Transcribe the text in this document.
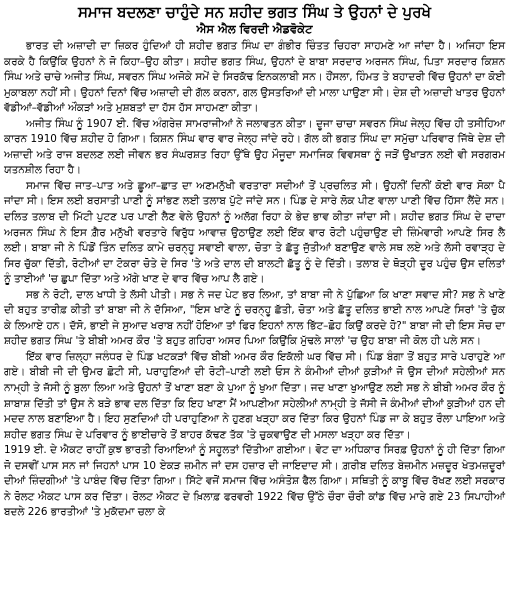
ਸਮਾਜ ਬਦਲਣਾ ਚਾਹੁੰਦੇ ਸਨ ਸ਼ਹੀਦ ਭਗਤ ਸਿੰਘ ਤੇ ਉਹਨਾਂ ਦੇ ਪੁਰਖੇ
ਐਸ ਐਲ ਵਿਰਦੀ ਐਡਵੋਕੇਟ

ਭਾਰਤ ਦੀ ਅਜ਼ਾਦੀ ਦਾ ਜ਼ਿਕਰ ਹੁੰਦਿਆਂ ਹੀ ਸ਼ਹੀਦ ਭਗਤ ਸਿੰਘ ਦਾ ਗੰਭੀਰ ਚਿੰਤਤ ਚਿਹਰਾ ਸਾਹਮਣੇ ਆ ਜਾਂਦਾ ਹੈ। ਅਜਿਹਾ ਇਸ ਕਰਕੇ ਹੈ ਕਿਉਂਕਿ ਉਹਨਾਂ ਨੇ ਜੋ ਕਿਹਾ–ਉਹ ਕੀਤਾ। ਸ਼ਹੀਦ ਭਗਤ ਸਿੰਘ, ਉਹਨਾਂ ਦੇ ਬਾਬਾ ਸਰਦਾਰ ਅਰਜਨ ਸਿੰਘ, ਪਿਤਾ ਸਰਦਾਰ ਕਿਸ਼ਨ ਸਿੰਘ ਅਤੇ ਚਾਚੇ ਅਜੀਤ ਸਿੰਘ, ਸਵਰਨ ਸਿੰਘ ਅਜੋਕੇ ਸਮੇਂ ਦੇ ਸਿਰਕੱਢ ਇਨਕਲਾਬੀ ਸਨ। ਹੌਂਸਲਾ, ਹਿੰਮਤ ਤੇ ਬਹਾਦਰੀ ਵਿੱਚ ਉਹਨਾਂ ਦਾ ਕੋਈ ਮੁਕਾਬਲਾ ਨਹੀਂ ਸੀ। ਉਹਨਾਂ ਦਿਨਾਂ ਵਿੱਚ ਅਜ਼ਾਦੀ ਦੀ ਗੱਲ ਕਰਨਾ, ਗਲ ਉਸਤਰਿਆਂ ਦੀ ਮਾਲਾ ਪਾਉਣਾ ਸੀ। ਦੇਸ਼ ਦੀ ਅਜ਼ਾਦੀ ਖਾਤਰ ਉਹਨਾਂ ਵੱਡੀਆਂ–ਵੱਡੀਆਂ ਔਕੜਾਂ ਅਤੇ ਮੁਸ਼ਬਤਾਂ ਦਾ ਹੱਸ ਹੱਸ ਸਾਹਮਣਾ ਕੀਤਾ।

ਅਜੀਤ ਸਿੰਘ ਨੂੰ 1907 ਈ. ਵਿੱਚ ਅੰਗਰੇਜ਼ ਸਾਮਰਾਜੀਆਂ ਨੇ ਜਲਾਵਤਨ ਕੀਤਾ। ਦੂਜਾ ਚਾਚਾ ਸਵਰਨ ਸਿੰਘ ਜੇਲ੍ਹ ਵਿੱਚ ਹੀ ਤਸੀਹਿਆ ਕਾਰਨ 1910 ਵਿੱਚ ਸ਼ਹੀਦ ਹੋ ਗਿਆ। ਕਿਸ਼ਨ ਸਿੰਘ ਵਾਰ ਵਾਰ ਜੇਲ੍ਹ ਜਾਂਦੇ ਰਹੇ। ਗੱਲ ਕੀ ਭਗਤ ਸਿੰਘ ਦਾ ਸਮੁੱਚਾ ਪਰਿਵਾਰ ਜਿੱਥੇ ਦੇਸ਼ ਦੀ ਅਜ਼ਾਦੀ ਅਤੇ ਰਾਜ ਬਦਲਣ ਲਈ ਜੀਵਨ ਭਰ ਸੰਘਰਸ਼ਤ ਰਿਹਾ ਉੱਥੇ ਉਹ ਮੌਜੂਦਾ ਸਮਾਜਿਕ ਵਿਵਸਥਾ ਨੂੰ ਜੜੋਂ ਉਖਾੜਨ ਲਈ ਵੀ ਸਰਗਰਮ ਯਤਨਸ਼ੀਲ ਰਿਹਾ ਹੈ।

ਸਮਾਜ ਵਿੱਚ ਜਾਤ–ਪਾਤ ਅਤੇ ਛੂਆ–ਛਾਤ ਦਾ ਅਣਮਨੁੱਖੀ ਵਰਤਾਰਾ ਸਦੀਆਂ ਤੋਂ ਪ੍ਰਚਲਿਤ ਸੀ। ਉਹਨੀਂ ਦਿਨੀਂ ਕੋਈ ਵਾਰ ਸੋਕਾ ਪੈ ਜਾਂਦਾ ਸੀ। ਇਸ ਲਈ ਬਰਸਾਤੀ ਪਾਣੀ ਨੂੰ ਸਾਂਭਣ ਲਈ ਤਲਾਬ ਪੁੱਟੇ ਜਾਂਦੇ ਸਨ। ਪਿੰਡ ਦੇ ਸਾਰੇ ਲੋਕ ਪੀਣ ਵਾਲਾ ਪਾਣੀ ਵਿੱਚ ਹਿੱਸਾ ਲੈਂਦੇ ਸਨ। ਦਲਿਤ ਤਲਾਬ ਦੀ ਮਿੱਟੀ ਪੁਟਣ ਪਰ ਪਾਣੀ ਲੈਣ ਵੇਲੇ ਉਹਨਾਂ ਨੂੰ ਅਲੱਗ ਰਿਹਾ ਕੇ ਭੇਦ ਭਾਵ ਕੀਤਾ ਜਾਂਦਾ ਸੀ। ਸ਼ਹੀਦ ਭਗਤ ਸਿੰਘ ਦੇ ਦਾਦਾ ਅਰਜਨ ਸਿੰਘ ਨੇ ਇਸ ਗ਼ੈਰ ਮਨੁੱਖੀ ਵਰਤਾਰੇ ਵਿਰੁੱਧ ਆਵਾਜ਼ ਉਠਾਉਣ ਲਈ ਇੱਕ ਵਾਰ ਰੋਟੀ ਪਹੁੰਚਾਉਣ ਦੀ ਜ਼ਿੰਮੇਵਾਰੀ ਆਪਣੇ ਸਿਰ ਲੈ ਲਈ। ਬਾਬਾ ਜੀ ਨੇ ਪਿੰਡੋਂ ਤਿੰਨ ਦਲਿਤ ਕਾਮੇ ਚਰਨ੍ਹੂ ਸਵਾਈ ਵਾਲਾ, ਚੋਤਾ ਤੇ ਛੱਤੂ ਜੁੱਤੀਆਂ ਬਣਾਉਣ ਵਾਲੇ ਸਥ ਲਏ ਅਤੇ ਲੱਸੀ ਰਵਾੜ੍ਹ ਦੇ ਸਿਰ ਚੁੱਕਾ ਦਿੱਤੀ, ਰੋਟੀਆਂ ਦਾ ਟੋਕਰਾ ਚੋਤੇ ਦੇ ਸਿਰ 'ਤੇ ਅਤੇ ਦਾਲ ਦੀ ਬਾਲਟੀ ਛੱਤੂ ਨੂੰ ਦੇ ਦਿੱਤੀ। ਤਲਾਬ ਦੇ ਥੋੜ੍ਹੀ ਦੂਰ ਪਹੁੰਚ ਉਸ ਦਲਿਤਾਂ ਨੂੰ ਤਾਈਆਂ 'ਚ ਛੁਪਾ ਦਿੱਤਾ ਅਤੇ ਅੱਗੇ ਖਾਣ ਦੇ ਵਾਰ ਵਿੱਚ ਆਪ ਲੈ ਗਏ।

ਸਭ ਨੇ ਰੋਟੀ, ਦਾਲ ਖਾਧੀ ਤੇ ਲੱਸੀ ਪੀਤੀ। ਸਭ ਨੇ ਜਦ ਪੇਟ ਭਰ ਲਿਆ, ਤਾਂ ਬਾਬਾ ਜੀ ਨੇ ਪੁੱਛਿਆ ਕਿ ਖਾਣਾ ਸਵਾਦ ਸੀ? ਸਭ ਨੇ ਖਾਣੇ ਦੀ ਬਹੁਤ ਤਾਰੀਫ਼ ਕੀਤੀ ਤਾਂ ਬਾਬਾ ਜੀ ਨੇ ਦੱਸਿਆ, "ਇਸ ਖਾਣੇ ਨੂੰ ਚਰਨ੍ਹੂ ਛੱਤੀ, ਚੋਤਾ ਅਤੇ ਛੱਤੂ ਦਲਿਤ ਭਾਈ ਨਾਲ ਆਪਣੇ ਸਿਰਾਂ 'ਤੇ ਚੁੱਕ ਕੇ ਲਿਆਏ ਹਨ। ਦੱਸੋ, ਭਾਈ ਜੇ ਸੁਆਦ ਖਰਾਬ ਨਹੀਂ ਹੋਇਆ ਤਾਂ ਫਿਰ ਇਹਨਾਂ ਨਾਲ ਭਿੱਟ–ਛੋਹ ਕਿਉਂ ਕਰਦੇ ਹੋ?" ਬਾਬਾ ਜੀ ਦੀ ਇਸ ਸੋਚ ਦਾ ਸ਼ਹੀਦ ਭਗਤ ਸਿੰਘ 'ਤੇ ਬੀਬੀ ਅਮਰ ਕੌਰ 'ਤੇ ਬਹੁਤ ਗਹਿਰਾ ਅਸਰ ਪਿਆ ਕਿਉਂਕਿ ਮੁੱਢਲੇ ਸਾਲਾਂ 'ਚ ਉਹ ਬਾਬਾ ਜੀ ਕੋਲ ਹੀ ਪਲੇ ਸਨ।

ਇੱਕ ਵਾਰ ਜ਼ਿਲ੍ਹਾ ਜਲੰਧਰ ਦੇ ਪਿੰਡ ਖਟਕੜਾਂ ਵਿੱਚ ਬੀਬੀ ਅਮਰ ਕੌਰ ਇਕੱਲੀ ਘਰ ਵਿੱਚ ਸੀ। ਪਿੰਡ ਬੰਗਾ ਤੋਂ ਬਹੁਤ ਸਾਰੇ ਪਰਾਹੁਣੇ ਆ ਗਏ। ਬੀਬੀ ਜੀ ਦੀ ਉਮਰ ਛੋਟੀ ਸੀ, ਪਰਾਹੁਣਿਆਂ ਦੀ ਰੋਟੀ–ਪਾਣੀ ਲਈ ਓਸ ਨੇ ਕੰਮੀਆਂ ਦੀਆਂ ਕੁੜੀਆਂ ਜੋ ਉਸ ਦੀਆਂ ਸਹੇਲੀਆਂ ਸਨ ਨਾਮ੍ਹੀ ਤੇ ਜੱਸੀ ਨੂੰ ਬੁਲਾ ਲਿਆ ਅਤੇ ਉਹਨਾਂ ਤੋਂ ਖਾਣਾ ਬਣਾ ਕੇ ਪੁਆ ਨੂੰ ਖੁਆ ਦਿੱਤਾ। ਜਦ ਖਾਣਾ ਖੁਆਉਣ ਲਈ ਸਭ ਨੇ ਬੀਬੀ ਅਮਰ ਕੌਰ ਨੂੰ ਸ਼ਾਬਾਸ਼ ਦਿੱਤੀ ਤਾਂ ਉਸ ਨੇ ਬੜੇ ਭਾਵ ਦਲ ਦਿੱਤਾ ਕਿ ਇਹ ਖਾਣਾ ਮੈਂ ਆਪਣੀਆ ਸਹੇਲੀਆਂ ਨਾਮ੍ਹੀ ਤੇ ਜੱਸੀ ਜੋ ਕੰਮੀਆਂ ਦੀਆਂ ਕੁੜੀਆਂ ਹਨ ਦੀ ਮਦਦ ਨਾਲ ਬਣਾਇਆ ਹੈ। ਇਹ ਸੁਣਦਿਆਂ ਹੀ ਪਰਾਹੁਣਿਆ ਨੇ ਹੁਣਗ ਖੜ੍ਹਾ ਕਰ ਦਿੱਤਾ ਕਿਰ ਉਹਨਾਂ ਪਿੰਡ ਜਾ ਕੇ ਬਹੁਤ ਰੌਲਾ ਪਾਇਆ ਅਤੇ ਸ਼ਹੀਦ ਭਗਤ ਸਿੰਘ ਦੇ ਪਰਿਵਾਰ ਨੂੰ ਭਾਈਚਾਰੇ ਤੋਂ ਬਾਹਰ ਕੱਢਣ ਤੱਕ 'ਤੇ ਚੁਕਵਾਉਣ ਦੀ ਮਸਲਾ ਖੜ੍ਹਾ ਕਰ ਦਿੱਤਾ।

1919 ਈ. ਦੇ ਐਕਟ ਰਾਹੀਂ ਕੁਝ ਭਾਰਤੀ ਰਿਆਇਆਂ ਨੂੰ ਸਹੂਲਤਾਂ ਦਿੱਤੀਆ ਗਈਆ। ਵੋਟ ਦਾ ਅਧਿਕਾਰ ਸਿਰਫ਼ ਉਹਨਾਂ ਨੂੰ ਹੀ ਦਿੱਤਾ ਗਿਆ ਜੋ ਦਸਵੀਂ ਪਾਸ ਸਨ ਜਾਂ ਜਿਹਨਾਂ ਪਾਸ 10 ਏਕੜ ਜ਼ਮੀਨ ਜਾਂ ਦਸ ਹਜ਼ਾਰ ਦੀ ਜਾਇਦਾਦ ਸੀ। ਗ਼ਰੀਬ ਦਲਿਤ ਬੇਜ਼ਮੀਨ ਮਜ਼ਦੂਰ ਖੇਤਮਜ਼ਦੂਰਾਂ ਦੀਆਂ ਜ਼ਿੰਦਗੀਆਂ 'ਤੇ ਪਾਬੰਦ ਵਿੱਚ ਦਿੱਤਾ ਗਿਆ। ਸਿੱਟੇ ਵਜੋਂ ਸਮਾਜ ਵਿੱਚ ਅਸੰਤੋਸ਼ ਫੈਲ ਗਿਆ। ਸਥਿਤੀ ਨੂੰ ਕਾਬੂ ਵਿੱਚ ਰੱਖਣ ਲਈ ਸਰਕਾਰ ਨੇ ਰੋਲਟ ਐਕਟ ਪਾਸ ਕਰ ਦਿੱਤਾ। ਰੋਲਟ ਐਕਟ ਦੇ ਖ਼ਿਲਾਫ਼ ਫਰਵਰੀ 1922 ਵਿੱਚ ਉੱਠੇ ਚੌਰਾ ਚੌਰੀ ਕਾਂਡ ਵਿੱਚ ਮਾਰੇ ਗਏ 23 ਸਿਪਾਹੀਆਂ ਬਦਲੇ 226 ਭਾਰਤੀਆਂ 'ਤੇ ਮੁਕੱਦਮਾ ਚਲਾ ਕੇ
